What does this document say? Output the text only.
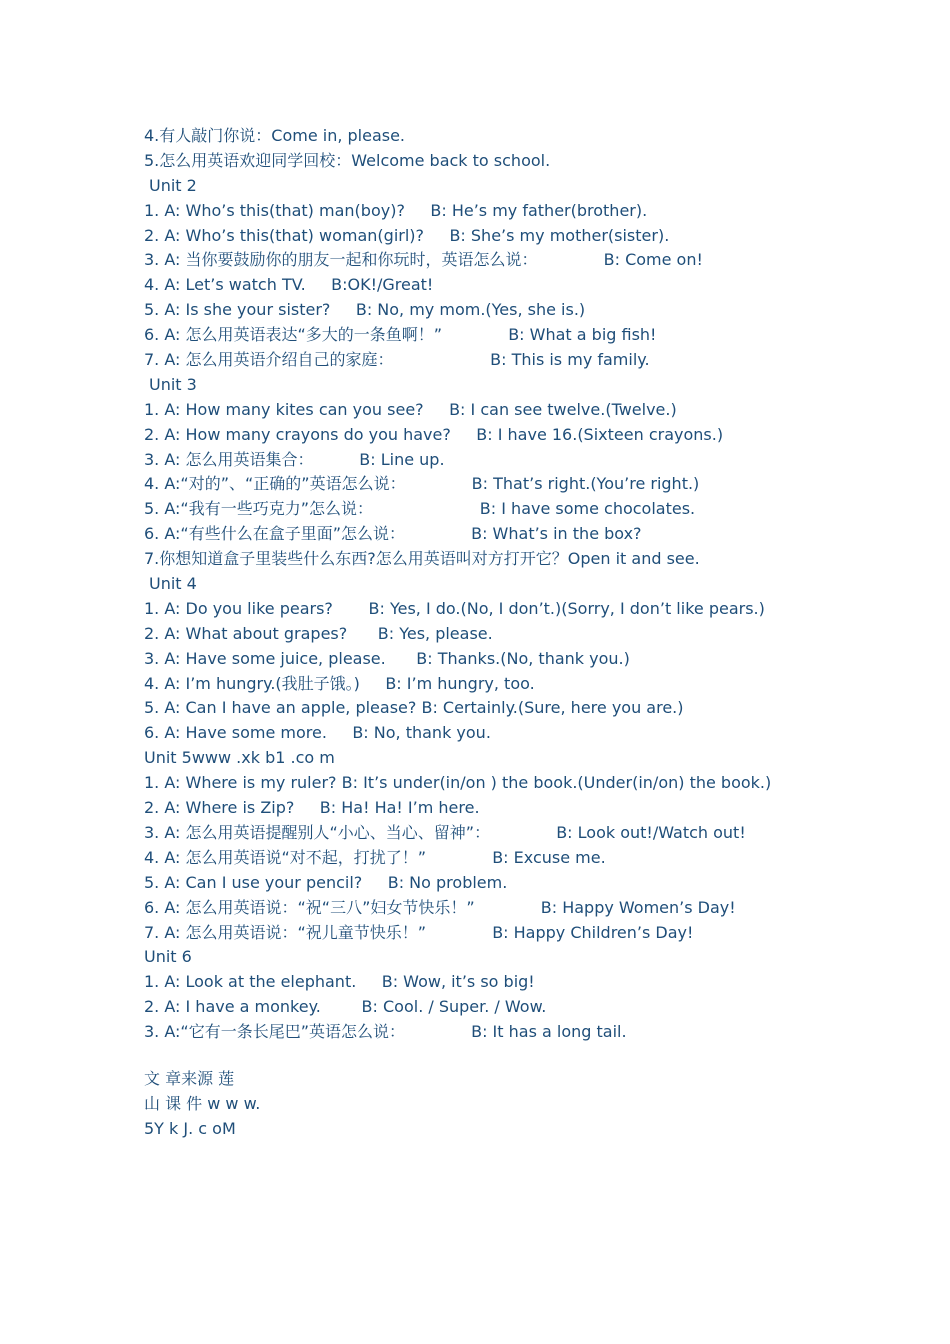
4.有人敲门你说：Come in, please.
5.怎么用英语欢迎同学回校：Welcome back to school.
Unit 2
1. A: Who’s this(that) man(boy)?     B: He’s my father(brother).
2. A: Who’s this(that) woman(girl)?     B: She’s my mother(sister).
3. A: 当你要鼓励你的朋友一起和你玩时，英语怎么说：             B: Come on!
4. A: Let’s watch TV.     B:OK!/Great!
5. A: Is she your sister?     B: No, my mom.(Yes, she is.)
6. A: 怎么用英语表达“多大的一条鱼啊！”             B: What a big fish!
7. A: 怎么用英语介绍自己的家庭：                   B: This is my family.
Unit 3
1. A: How many kites can you see?     B: I can see twelve.(Twelve.)
2. A: How many crayons do you have?     B: I have 16.(Sixteen crayons.)
3. A: 怎么用英语集合：         B: Line up.
4. A:“对的”、“正确的”英语怎么说：             B: That’s right.(You’re right.)
5. A:“我有一些巧克力”怎么说：                     B: I have some chocolates.
6. A:“有些什么在盒子里面”怎么说：             B: What’s in the box?
7.你想知道盒子里装些什么东西?怎么用英语叫对方打开它？Open it and see.
Unit 4
1. A: Do you like pears?       B: Yes, I do.(No, I don’t.)(Sorry, I don’t like pears.)
2. A: What about grapes?      B: Yes, please.
3. A: Have some juice, please.      B: Thanks.(No, thank you.)
4. A: I’m hungry.(我肚子饿。)     B: I’m hungry, too.
5. A: Can I have an apple, please? B: Certainly.(Sure, here you are.)
6. A: Have some more.     B: No, thank you.
Unit 5www .xk b1 .co m
1. A: Where is my ruler? B: It’s under(in/on ) the book.(Under(in/on) the book.)
2. A: Where is Zip?     B: Ha! Ha! I’m here.
3. A: 怎么用英语提醒别人“小心、当心、留神”：             B: Look out!/Watch out!
4. A: 怎么用英语说“对不起，打扰了！”             B: Excuse me.
5. A: Can I use your pencil?     B: No problem.
6. A: 怎么用英语说：“祝“三八”妇女节快乐！”             B: Happy Women’s Day!
7. A: 怎么用英语说：“祝儿童节快乐！”             B: Happy Children’s Day!
Unit 6
1. A: Look at the elephant.     B: Wow, it’s so big!
2. A: I have a monkey.        B: Cool. / Super. / Wow.
3. A:“它有一条长尾巴”英语怎么说：             B: It has a long tail.
文 章来源 莲
山 课 件 w w w.
5Y k J. c oM
